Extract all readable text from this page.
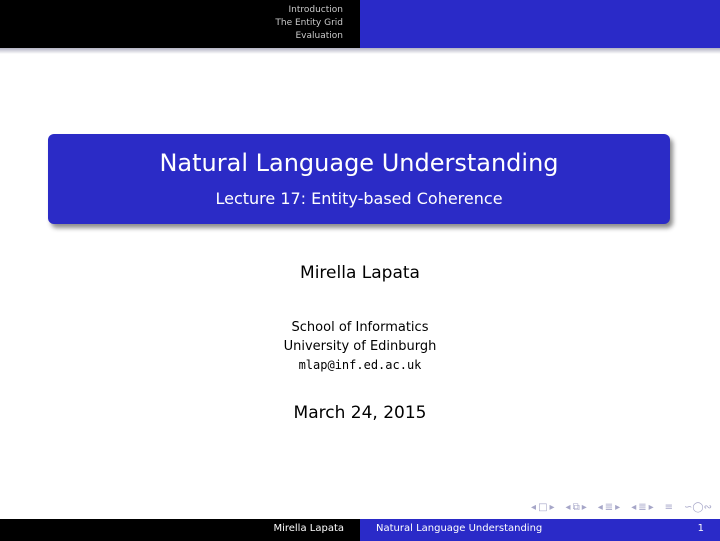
Introduction
The Entity Grid
Evaluation
Natural Language Understanding
Lecture 17: Entity-based Coherence
Mirella Lapata
School of Informatics
University of Edinburgh
mlap@inf.ed.ac.uk
March 24, 2015
◂ □ ▸ ◂ ⧉ ▸ ◂ ≣ ▸ ◂ ≣ ▸ ≡ ∽◯∾
Mirella Lapata	Natural Language Understanding	1
